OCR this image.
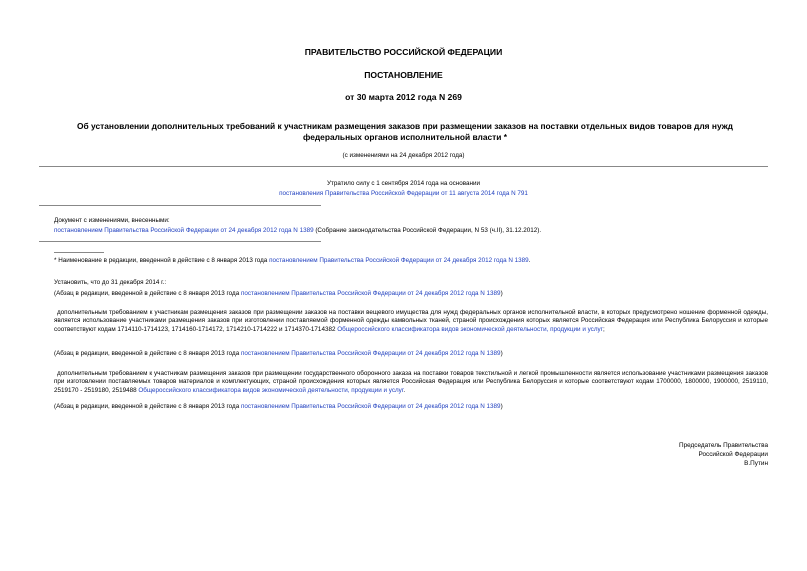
ПРАВИТЕЛЬСТВО РОССИЙСКОЙ ФЕДЕРАЦИИ
ПОСТАНОВЛЕНИЕ
от 30 марта 2012 года N 269
Об установлении дополнительных требований к участникам размещения заказов при размещении заказов на поставки отдельных видов товаров для нужд федеральных органов исполнительной власти *
(с изменениями на 24 декабря 2012 года)
Утратило силу с 1 сентября 2014 года на основании
постановления Правительства Российской Федерации от 11 августа 2014 года N 791
Документ с изменениями, внесенными:
постановлением Правительства Российской Федерации от 24 декабря 2012 года N 1389 (Собрание законодательства Российской Федерации, N 53 (ч.II), 31.12.2012).
* Наименование в редакции, введенной в действие с 8 января 2013 года постановлением Правительства Российской Федерации от 24 декабря 2012 года N 1389.
Установить, что до 31 декабря 2014 г.:
(Абзац в редакции, введенной в действие с 8 января 2013 года постановлением Правительства Российской Федерации от 24 декабря 2012 года N 1389)
дополнительным требованием к участникам размещения заказов при размещении заказов на поставки вещевого имущества для нужд федеральных органов исполнительной власти, в которых предусмотрено ношение форменной одежды, является использование участниками размещения заказов при изготовлении поставляемой форменной одежды камвольных тканей, страной происхождения которых является Российская Федерация или Республика Белоруссия и которые соответствуют кодам 1714110-1714123, 1714160-1714172, 1714210-1714222 и 1714370-1714382 Общероссийского классификатора видов экономической деятельности, продукции и услуг;
(Абзац в редакции, введенной в действие с 8 января 2013 года постановлением Правительства Российской Федерации от 24 декабря 2012 года N 1389)
дополнительным требованием к участникам размещения заказов при размещении государственного оборонного заказа на поставки товаров текстильной и легкой промышленности является использование участниками размещения заказов при изготовлении поставляемых товаров материалов и комплектующих, страной происхождения которых является Российская Федерация или Республика Белоруссия и которые соответствуют кодам 1700000, 1800000, 1900000, 2519110, 2519170 - 2519180, 2519488 Общероссийского классификатора видов экономической деятельности, продукции и услуг.
(Абзац в редакции, введенной в действие с 8 января 2013 года постановлением Правительства Российской Федерации от 24 декабря 2012 года N 1389)
Председатель Правительства
Российской Федерации
В.Путин
